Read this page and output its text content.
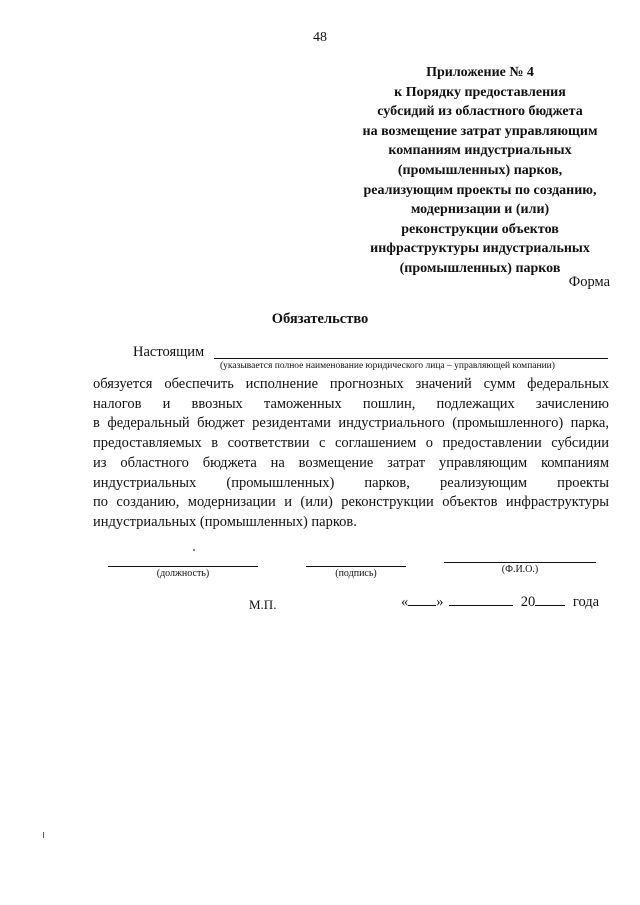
48
Приложение № 4
к Порядку предоставления
субсидий из областного бюджета
на возмещение затрат управляющим
компаниям индустриальных
(промышленных) парков,
реализующим проекты по созданию,
модернизации и (или)
реконструкции объектов
инфраструктуры индустриальных
(промышленных) парков
Форма
Обязательство
Настоящим
(указывается полное наименование юридического лица – управляющей компании)
обязуется обеспечить исполнение прогнозных значений сумм федеральных
налогов и ввозных таможенных пошлин, подлежащих зачислению
в федеральный бюджет резидентами индустриального (промышленного) парка,
предоставляемых в соответствии с соглашением о предоставлении субсидии
из областного бюджета на возмещение затрат управляющим компаниям
индустриальных (промышленных) парков, реализующим проекты
по созданию, модернизации и (или) реконструкции объектов инфраструктуры
индустриальных (промышленных) парков.
(должность)	(подпись)	(Ф.И.О.)
М.П.	« »	20	года
